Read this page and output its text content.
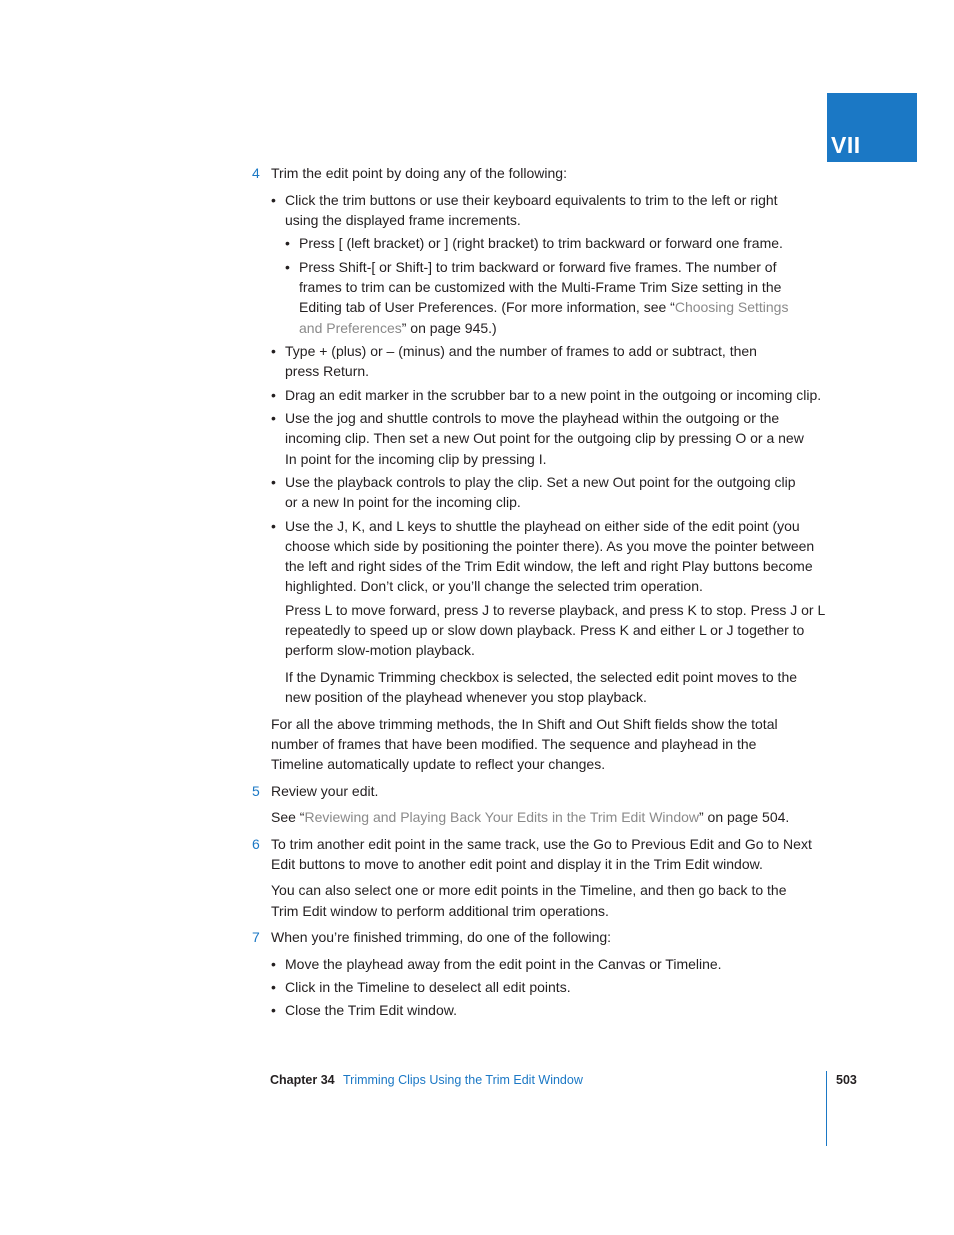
VII
4 Trim the edit point by doing any of the following:
• Click the trim buttons or use their keyboard equivalents to trim to the left or right
using the displayed frame increments.
• Press [ (left bracket) or ] (right bracket) to trim backward or forward one frame.
• Press Shift-[ or Shift-] to trim backward or forward five frames. The number of
frames to trim can be customized with the Multi-Frame Trim Size setting in the
Editing tab of User Preferences. (For more information, see “Choosing Settings
and Preferences” on page 945.)
• Type + (plus) or – (minus) and the number of frames to add or subtract, then
press Return.
• Drag an edit marker in the scrubber bar to a new point in the outgoing or incoming clip.
• Use the jog and shuttle controls to move the playhead within the outgoing or the
incoming clip. Then set a new Out point for the outgoing clip by pressing O or a new
In point for the incoming clip by pressing I.
• Use the playback controls to play the clip. Set a new Out point for the outgoing clip
or a new In point for the incoming clip.
• Use the J, K, and L keys to shuttle the playhead on either side of the edit point (you
choose which side by positioning the pointer there). As you move the pointer between
the left and right sides of the Trim Edit window, the left and right Play buttons become
highlighted. Don’t click, or you’ll change the selected trim operation.
Press L to move forward, press J to reverse playback, and press K to stop. Press J or L
repeatedly to speed up or slow down playback. Press K and either L or J together to
perform slow-motion playback.
If the Dynamic Trimming checkbox is selected, the selected edit point moves to the
new position of the playhead whenever you stop playback.
For all the above trimming methods, the In Shift and Out Shift fields show the total
number of frames that have been modified. The sequence and playhead in the
Timeline automatically update to reflect your changes.
5 Review your edit.
See “Reviewing and Playing Back Your Edits in the Trim Edit Window” on page 504.
6 To trim another edit point in the same track, use the Go to Previous Edit and Go to Next
Edit buttons to move to another edit point and display it in the Trim Edit window.
You can also select one or more edit points in the Timeline, and then go back to the
Trim Edit window to perform additional trim operations.
7 When you’re finished trimming, do one of the following:
• Move the playhead away from the edit point in the Canvas or Timeline.
• Click in the Timeline to deselect all edit points.
• Close the Trim Edit window.
Chapter 34 Trimming Clips Using the Trim Edit Window	503
